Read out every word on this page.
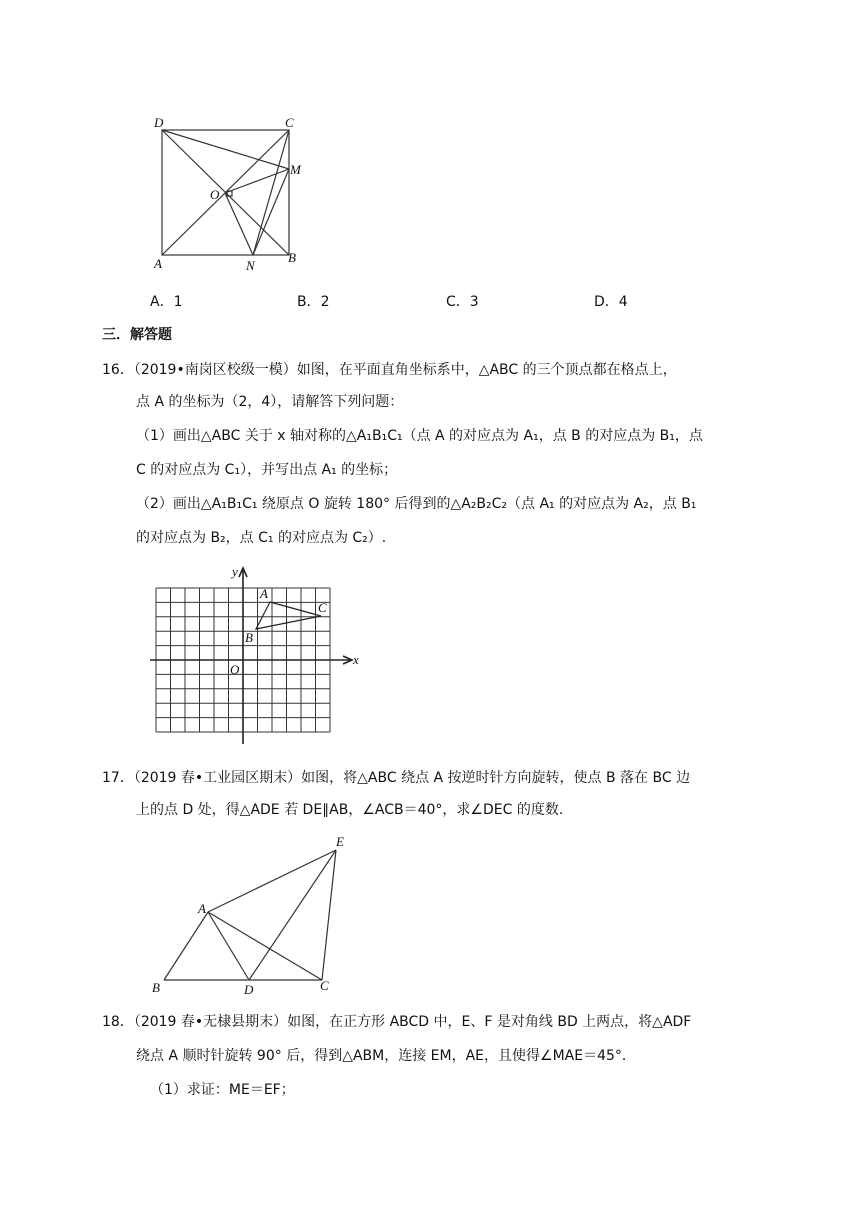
D	C
M
O
A	N
B
A．1	B．2	C．3	D．4
三．解答题
16．（2019•南岗区校级一模）如图，在平面直角坐标系中，△ABC 的三个顶点都在格点上，
点 A 的坐标为（2，4），请解答下列问题：
（1）画出△ABC 关于 x 轴对称的△A₁B₁C₁（点 A 的对应点为 A₁，点 B 的对应点为 B₁，点
C 的对应点为 C₁），并写出点 A₁ 的坐标；
（2）画出△A₁B₁C₁ 绕原点 O 旋转 180° 后得到的△A₂B₂C₂（点 A₁ 的对应点为 A₂，点 B₁
的对应点为 B₂，点 C₁ 的对应点为 C₂）.
y
x
O
A
B
C
17．（2019 春•工业园区期末）如图，将△ABC 绕点 A 按逆时针方向旋转，使点 B 落在 BC 边
上的点 D 处，得△ADE 若 DE∥AB，∠ACB＝40°，求∠DEC 的度数.
E
A
B	D	C
18．（2019 春•无棣县期末）如图，在正方形 ABCD 中，E、F 是对角线 BD 上两点，将△ADF
绕点 A 顺时针旋转 90° 后，得到△ABM，连接 EM，AE，且使得∠MAE＝45°．
（1）求证：ME＝EF；
